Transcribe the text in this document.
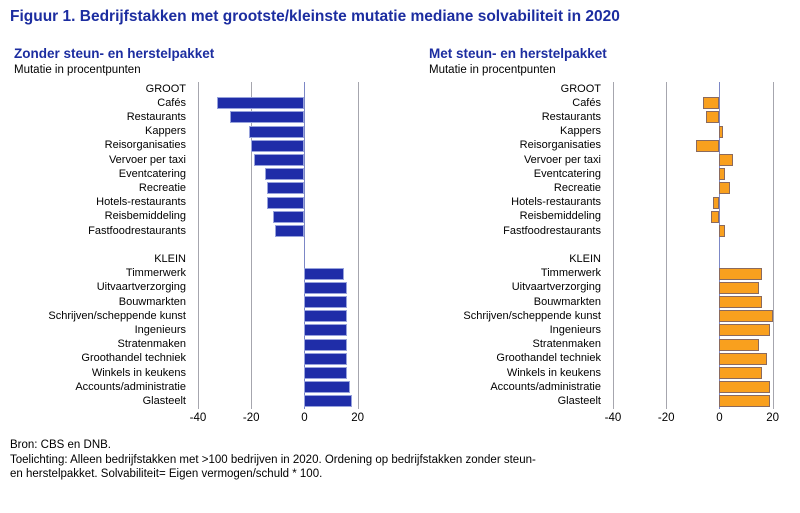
Figuur 1. Bedrijfstakken met grootste/kleinste mutatie mediane solvabiliteit in 2020
Zonder steun- en herstelpakket
Mutatie in procentpunten
GROOT
Cafés
Restaurants
Kappers
Reisorganisaties
Vervoer per taxi
Eventcatering
Recreatie
Hotels-restaurants
Reisbemiddeling
Fastfoodrestaurants
KLEIN
Timmerwerk
Uitvaartverzorging
Bouwmarkten
Schrijven/scheppende kunst
Ingenieurs
Stratenmaken
Groothandel techniek
Winkels in keukens
Accounts/administratie
Glasteelt
-40	-20	0	20
Met steun- en herstelpakket
Mutatie in procentpunten
GROOT
Cafés
Restaurants
Kappers
Reisorganisaties
Vervoer per taxi
Eventcatering
Recreatie
Hotels-restaurants
Reisbemiddeling
Fastfoodrestaurants
KLEIN
Timmerwerk
Uitvaartverzorging
Bouwmarkten
Schrijven/scheppende kunst
Ingenieurs
Stratenmaken
Groothandel techniek
Winkels in keukens
Accounts/administratie
Glasteelt
-40	-20	0	20
Bron: CBS en DNB.
Toelichting: Alleen bedrijfstakken met >100 bedrijven in 2020. Ordening op bedrijfstakken zonder steun-
en herstelpakket. Solvabiliteit= Eigen vermogen/schuld * 100.
